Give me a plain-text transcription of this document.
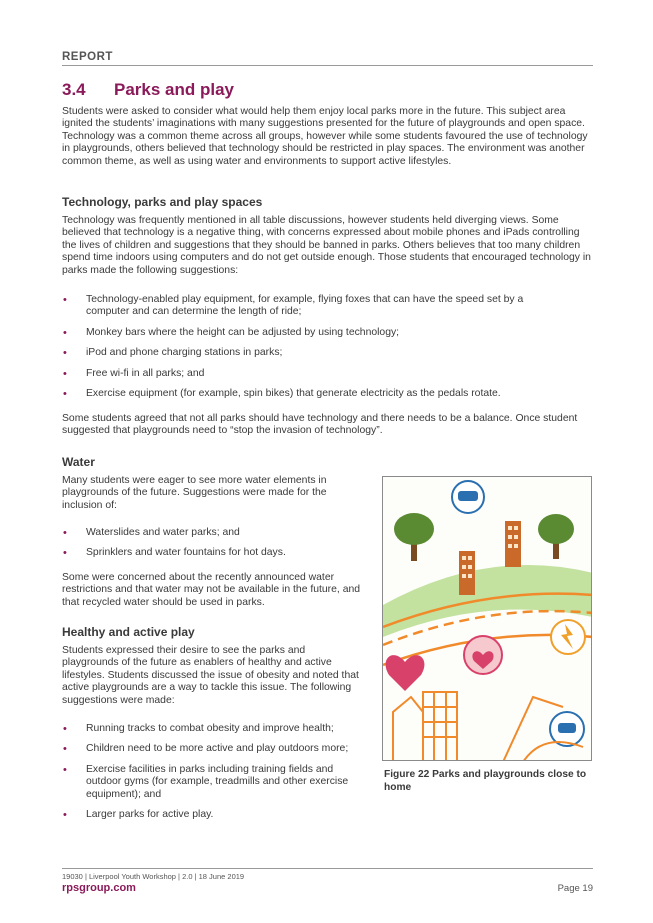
REPORT
3.4 Parks and play

Students were asked to consider what would help them enjoy local parks more in the future. This subject area ignited the students’ imaginations with many suggestions presented for the future of playgrounds and open space. Technology was a common theme across all groups, however while some students favoured the use of technology in playgrounds, others believed that technology should be restricted in play spaces. The environment was another common theme, as well as using water and environments to support active lifestyles.

Technology, parks and play spaces

Technology was frequently mentioned in all table discussions, however students held diverging views. Some believed that technology is a negative thing, with concerns expressed about mobile phones and iPads controlling the lives of children and suggestions that they should be banned in parks. Others believes that too many children spend time indoors using computers and do not get outside enough. Those students that encouraged technology in parks made the following suggestions:

• Technology-enabled play equipment, for example, flying foxes that can have the speed set by a computer and can determine the length of ride;
• Monkey bars where the height can be adjusted by using technology;
• iPod and phone charging stations in parks;
• Free wi-fi in all parks; and
• Exercise equipment (for example, spin bikes) that generate electricity as the pedals rotate.

Some students agreed that not all parks should have technology and there needs to be a balance. Once student suggested that playgrounds need to “stop the invasion of technology”.

Water

Many students were eager to see more water elements in playgrounds of the future. Suggestions were made for the inclusion of:

• Waterslides and water parks; and
• Sprinklers and water fountains for hot days.

Some were concerned about the recently announced water restrictions and that water may not be available in the future, and that recycled water should be used in parks.

Healthy and active play

Students expressed their desire to see the parks and playgrounds of the future as enablers of healthy and active lifestyles. Students discussed the issue of obesity and noted that active playgrounds are a way to tackle this issue. The following suggestions were made:

• Running tracks to combat obesity and improve health;
• Children need to be more active and play outdoors more;
• Exercise facilities in parks including training fields and outdoor gyms (for example, treadmills and other exercise equipment); and
• Larger parks for active play.
Figure 22 Parks and playgrounds close to home
19030 | Liverpool Youth Workshop | 2.0 | 18 June 2019
rpsgroup.com	Page 19
